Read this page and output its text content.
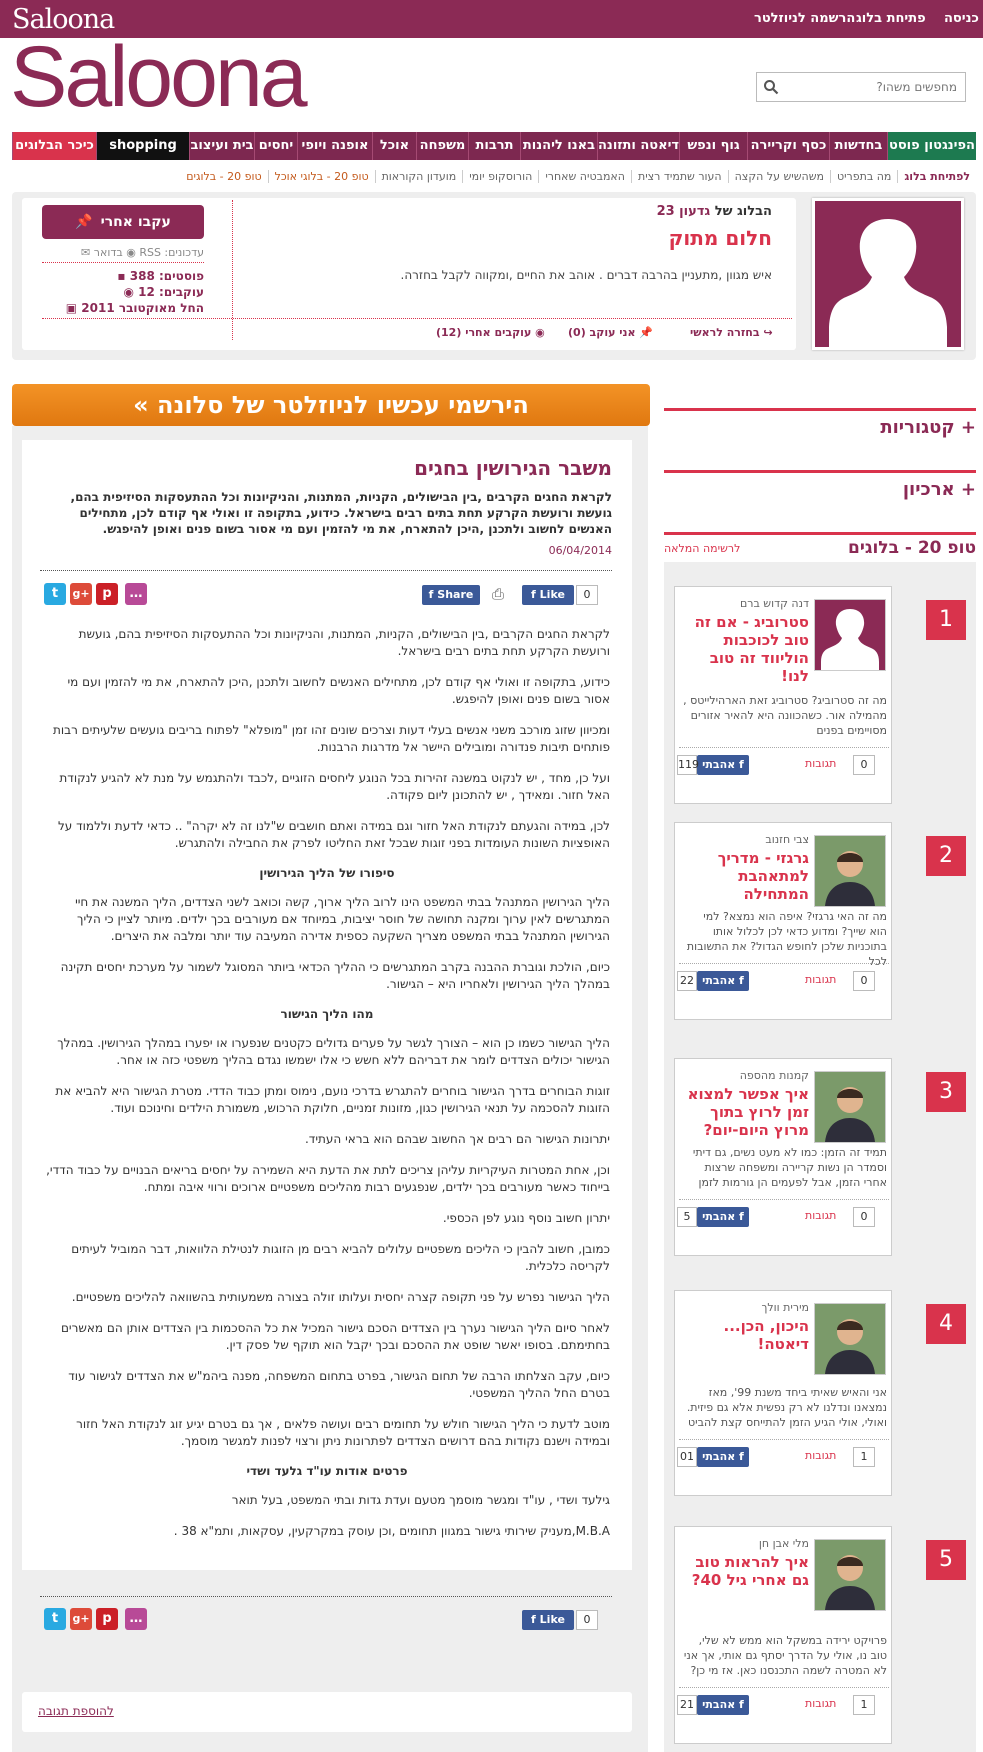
Saloona	כניסה
פתיחת בלוג
הרשמה לניוזלטר
Saloona
מחפשים משהו?
הפינגטון פוסט
בחדשות
כסף וקריירה
גוף ונפש
דיאטה ותזונה
באנו ליהנות
תרבות
משפחה
אוכל
אופנה ויופי
יחסים
בית ועיצוב
shopping
כיכר הבלוגים
לפתיחת בלוגמה בתפריטמשהשיש על הקצההעור שתמיד רציתהאמבטיה שאחריהורוסקופ יומימועדון הקוראותטופ 20 - בלוגי אוכלטופ 20 - בלוגים
הבלוג של גדעון 23
חלום מתוק
איש מגוון ,מתעניין בהרבה דברים . אוהב את החיים ,ומקווה לקבל בחזרה.
📌 עקבו אחרי
עדכונים: RSS ◉ בדואר ✉
פוסטים: 388 ▪
עוקבים: 12 ◉
החל מאוקטובר 2011 ▣
↪ בחזרה לראשי
📌 אני עוקב (0)
◉ עוקבים אחרי (12)
הירשמי עכשיו לניוזלטר של סלונה »
משבר הגירושין בחגים
לקראת החגים הקרבים ,בין הבישולים, הקניות, המתנות, והניקיונות וכל ההתעסקות הסיזיפית בהם, גועשת ורועשת הקרקע תחת בתים רבים בישראל. כידוע, בתקופה זו ואולי אף קודם לכן, מתחילים האנשים לחשוב ולתכנן ,היכן להתארח, את מי להזמין ועם מי אסור בשום פנים ואופן להיפגש.
06/04/2014
t	g+ p	…	f Share	⎙	f Like	0

לקראת החגים הקרבים ,בין הבישולים, הקניות, המתנות, והניקיונות וכל ההתעסקות הסיזיפית בהם, גועשת ורועשת הקרקע תחת בתים רבים בישראל.

כידוע, בתקופה זו ואולי אף קודם לכן, מתחילים האנשים לחשוב ולתכנן ,היכן להתארח, את מי להזמין ועם מי אסור בשום פנים ואופן להיפגש.

ומכיוון שזוג מורכב משני אנשים בעלי דעות וצרכים שונים זהו זמן "מופלא" לפתוח בריבים גועשים שלעיתים רבות פותחים תיבות פנדורה ומובילים היישר אל מדרגות הרבנות.

ועל כן, מחד , יש לנקוט במשנה זהירות בכל הנוגע ליחסים הזוגיים ,לכבד ולהתגמש על מנת לא להגיע לנקודת האל חזור. ומאידך , יש להתכונן ליום פקודה.

לכן, במידה והגעתם לנקודת האל חזור וגם במידה ואתם חושבים ש"לנו זה לא יקרה" .. כדאי לדעת וללמוד על האופציות השונות העומדות בפני זוגות שבכל זאת החליטו לפרק את החבילה ולהתגרש.

סיפורו של הליך הגירושין

הליך הגירושין המתנהל בבתי המשפט הינו לרוב הליך ארוך, קשה וכואב לשני הצדדים, הליך המשנה את חיי המתגרשים לאין ערוך ומקנה תחושה של חוסר יציבות, במיוחד אם מעורבים בכך ילדים. מיותר לציין כי הליך הגירושין המתנהל בבתי המשפט מצריך השקעה כספית אדירה המעיבה עוד יותר ומלבה את היצרים.

כיום, הולכת וגוברת ההבנה בקרב המתגרשים כי ההליך הכדאי ביותר המסוגל לשמור על מערכת יחסים תקינה במהלך הליך הגירושין ולאחריו היא – הגישור.

מהו הליך הגישור

הליך הגישור כשמו כן הוא – הצורך לגשר על פערים גדולים כקטנים שנפערו או יפערו במהלך הגירושין. במהלך הגישור יכולים הצדדים לומר את דבריהם ללא חשש כי אלו ישמשו נגדם בהליך משפטי כזה או אחר.

זוגות הבוחרים בדרך הגישור בוחרים להתגרש בדרכי נועם, נימוס ומתן כבוד הדדי. מטרת הגישור היא להביא את הזוגות להסכמה על תנאי הגירושין כגון, מזונות זמניים, חלוקת הרכוש, משמורת הילדים וחינוכם ועוד.

יתרונות הגישור הם רבים אך החשוב שבהם הוא בראי העתיד.

וכן, אחת המטרות העיקריות עליהן צריכים לתת את הדעת היא השמירה על יחסים בריאים הבנויים על כבוד הדדי, בייחוד כאשר מעורבים בכך ילדים, שנפגעים רבות מהליכים משפטיים ארוכים ורווי איבה ומתח.

יתרון חשוב נוסף נוגע לפן הכספי.

כמובן, חשוב להבין כי הליכים משפטיים עלולים להביא רבים מן הזוגות לנטילת הלוואות, דבר המוביל לעיתים לקריסה כלכלית.

הליך הגישור נפרש על פני תקופה קצרה יחסית ועלותו זולה בצורה משמעותית בהשוואה להליכים משפטיים.

לאחר סיום הליך הגישור נערך בין הצדדים הסכם גישור המכיל את כל ההסכמות בין הצדדים אותן הם מאשרים בחתימתם. בסופו יאשר שופט את ההסכם ובכך יקבל הוא תוקף של פסק דין.

כיום, עקב הצלחתו הרבה של תחום הגישור, בפרט בתחום המשפחה, מפנה ביהמ"ש את הצדדים לגישור עוד בטרם החל ההליך המשפטי.

מוטב לדעת כי הליך הגישור חולש על תחומים רבים ועושה פלאים , אך גם בטרם יגיע זוג לנקודת האל חזור ובמידה וישנם נקודות בהם דרושים הצדדים לפתרונות ניתן ורצוי לפנות למגשר מוסמך.

פרטים אודות עו"ד גלעד ושדי

גילעד ושדי , עו"ד ומגשר מוסמך מטעם ועדת גדות ובתי המשפט, בעל תואר

M.B.A,מעניק שירותי גישור במגוון תחומים ,וכן עוסק במקרקעין, עסקאות, ותמ"א 38 .

t	g+ p	…	f Like	0
להוספת תגובה
+ קטגוריות
+ ארכיון
טופ 20 - בלוגים
לרשימה המלאה
1
דנה קדוש ברם
סטרוביג - אם זה טוב לכוכבות הוליווד זה טוב לנו!
מה זה סטרוביג? סטרוביג זאת הארהילייטס , מהמילה אור. כשהכוונה היא להאיר אזורים מסויימים בפנים
תגובות	0
אהבתי f
119
2
צבי חזנוב
גרגזי - מדריך למתאהבת המתחילה
מה זה האי גרגזי? איפה הוא נמצא? למי הוא שייך? ומדוע כדאי לכן לכלול אותו בתוכניות שלכן לחופש הגדול? את התשובות לכל
תגובות	0
אהבתי f
22
3
קמנות מהספה
איך אפשר למצוא זמן לרוץ בתוך מרוץ היום-יום?
תמיד זה הזמן: כמו לא מעט נשים, גם דיתי וסמדר הן נשות קריירה ומשפחה שרצות אחרי הזמן, אבל לפעמים הן גורמות לזמן
תגובות	0
אהבתי f
5
4
מירית וולך
היכון, הכן... דיאטה!
אני והאיש שאיתי ביחד משנת 99', מאז נמצאנו ונדלנו לא רק נפשית אלא גם פיזית. ואולי, אולי הגיע הזמן להתייחס קצת להביט
תגובות	1
אהבתי f
01
5
מלי אבן חן
איך להראות טוב גם אחרי גיל 40?
פרויקט ירידה במשקל הוא ממש לא שלי, טוב נו, אולי על הדרך יסתף גם אותי, אך אני לא המטרה לשמה התכנסנו כאן. אז מי כן?
תגובות	1
אהבתי f
21
